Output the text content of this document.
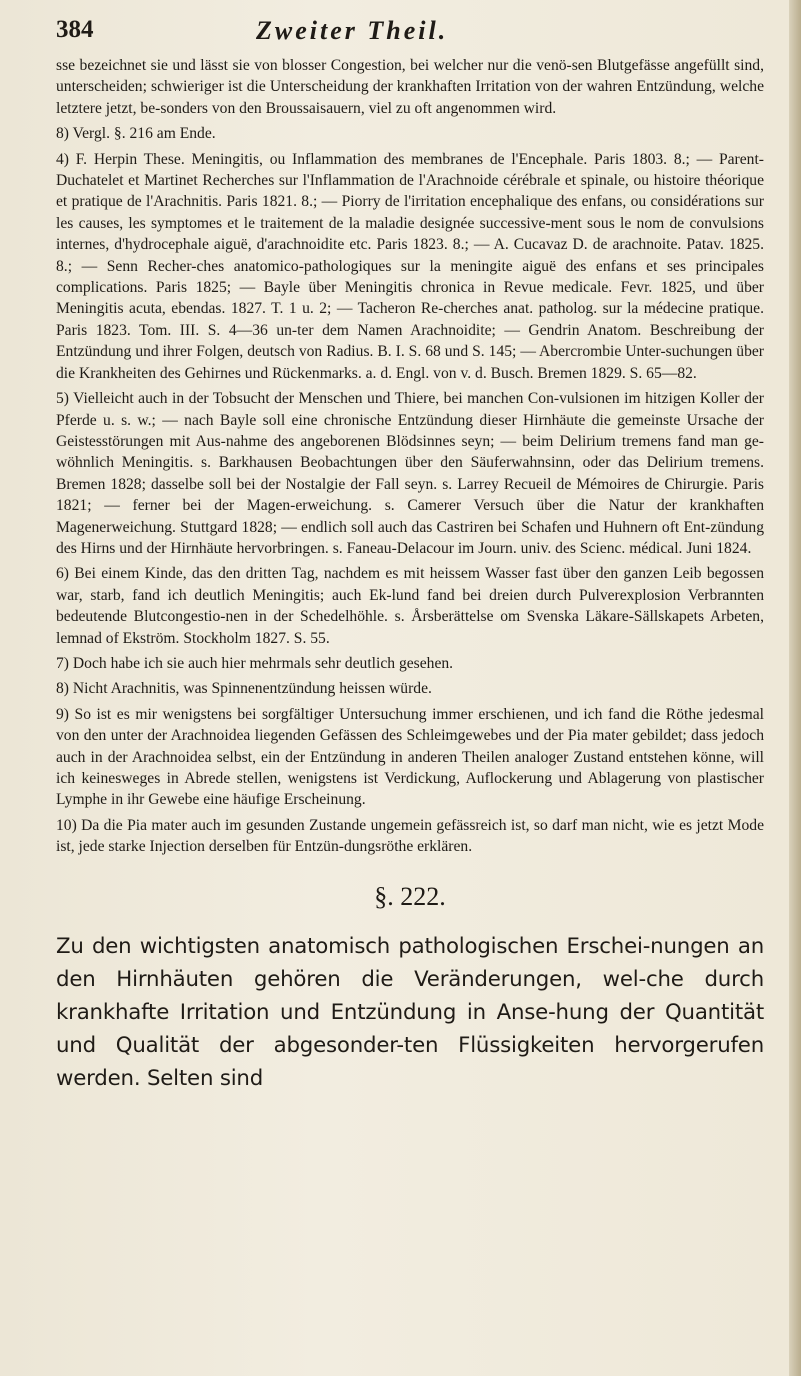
384	Zweiter Theil.

sse bezeichnet sie und lässt sie von blosser Congestion, bei welcher nur die venö-sen Blutgefässe angefüllt sind, unterscheiden; schwieriger ist die Unterscheidung der krankhaften Irritation von der wahren Entzündung, welche letztere jetzt, be-sonders von den Broussaisauern, viel zu oft angenommen wird.

8) Vergl. §. 216 am Ende.

4) F. Herpin These. Meningitis, ou Inflammation des membranes de l'Encephale. Paris 1803. 8.; — Parent-Duchatelet et Martinet Recherches sur l'Inflammation de l'Arachnoide cérébrale et spinale, ou histoire théorique et pratique de l'Arachnitis. Paris 1821. 8.; — Piorry de l'irritation encephalique des enfans, ou considérations sur les causes, les symptomes et le traitement de la maladie designée successive-ment sous le nom de convulsions internes, d'hydrocephale aiguë, d'arachnoidite etc. Paris 1823. 8.; — A. Cucavaz D. de arachnoite. Patav. 1825. 8.; — Senn Recher-ches anatomico-pathologiques sur la meningite aiguë des enfans et ses principales complications. Paris 1825; — Bayle über Meningitis chronica in Revue medicale. Fevr. 1825, und über Meningitis acuta, ebendas. 1827. T. 1 u. 2; — Tacheron Re-cherches anat. patholog. sur la médecine pratique. Paris 1823. Tom. III. S. 4—36 un-ter dem Namen Arachnoidite; — Gendrin Anatom. Beschreibung der Entzündung und ihrer Folgen, deutsch von Radius. B. I. S. 68 und S. 145; — Abercrombie Unter-suchungen über die Krankheiten des Gehirnes und Rückenmarks. a. d. Engl. von v. d. Busch. Bremen 1829. S. 65—82.

5) Vielleicht auch in der Tobsucht der Menschen und Thiere, bei manchen Con-vulsionen im hitzigen Koller der Pferde u. s. w.; — nach Bayle soll eine chronische Entzündung dieser Hirnhäute die gemeinste Ursache der Geistesstörungen mit Aus-nahme des angeborenen Blödsinnes seyn; — beim Delirium tremens fand man ge-wöhnlich Meningitis. s. Barkhausen Beobachtungen über den Säuferwahnsinn, oder das Delirium tremens. Bremen 1828; dasselbe soll bei der Nostalgie der Fall seyn. s. Larrey Recueil de Mémoires de Chirurgie. Paris 1821; — ferner bei der Magen-erweichung. s. Camerer Versuch über die Natur der krankhaften Magenerweichung. Stuttgard 1828; — endlich soll auch das Castriren bei Schafen und Huhnern oft Ent-zündung des Hirns und der Hirnhäute hervorbringen. s. Faneau-Delacour im Journ. univ. des Scienc. médical. Juni 1824.

6) Bei einem Kinde, das den dritten Tag, nachdem es mit heissem Wasser fast über den ganzen Leib begossen war, starb, fand ich deutlich Meningitis; auch Ek-lund fand bei dreien durch Pulverexplosion Verbrannten bedeutende Blutcongestio-nen in der Schedelhöhle. s. Årsberättelse om Svenska Läkare-Sällskapets Arbeten, lemnad of Ekström. Stockholm 1827. S. 55.

7) Doch habe ich sie auch hier mehrmals sehr deutlich gesehen.

8) Nicht Arachnitis, was Spinnenentzündung heissen würde.

9) So ist es mir wenigstens bei sorgfältiger Untersuchung immer erschienen, und ich fand die Röthe jedesmal von den unter der Arachnoidea liegenden Gefässen des Schleimgewebes und der Pia mater gebildet; dass jedoch auch in der Arachnoidea selbst, ein der Entzündung in anderen Theilen analoger Zustand entstehen könne, will ich keinesweges in Abrede stellen, wenigstens ist Verdickung, Auflockerung und Ablagerung von plastischer Lymphe in ihr Gewebe eine häufige Erscheinung.

10) Da die Pia mater auch im gesunden Zustande ungemein gefässreich ist, so darf man nicht, wie es jetzt Mode ist, jede starke Injection derselben für Entzün-dungsröthe erklären.

§. 222.

Zu den wichtigsten anatomisch pathologischen Erschei-nungen an den Hirnhäuten gehören die Veränderungen, wel-che durch krankhafte Irritation und Entzündung in Anse-hung der Quantität und Qualität der abgesonder-ten Flüssigkeiten hervorgerufen werden. Selten sind
